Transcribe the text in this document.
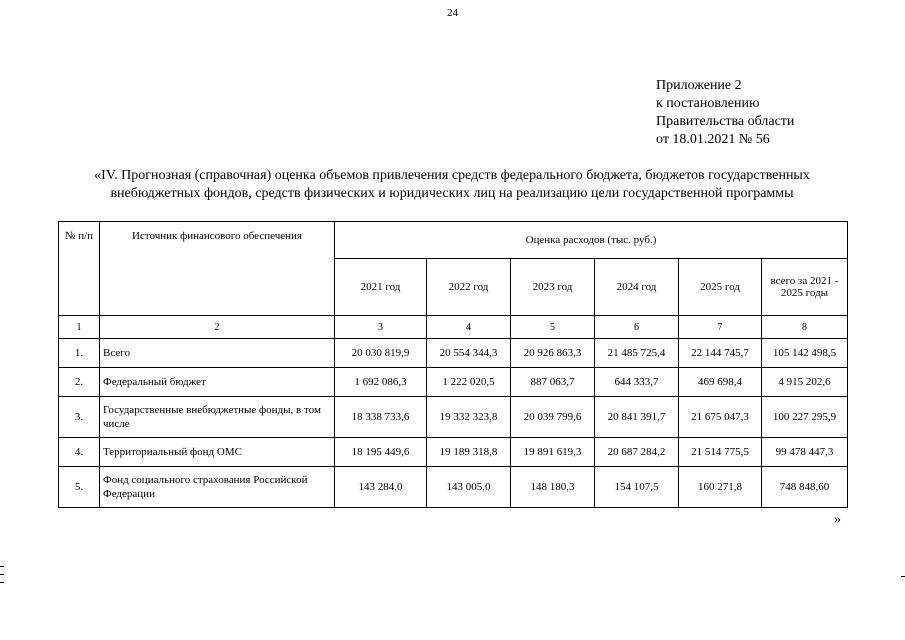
24
Приложение 2
к постановлению
Правительства области
от 18.01.2021 № 56
«IV. Прогнозная (справочная) оценка объемов привлечения средств федерального бюджета, бюджетов государственных
внебюджетных фондов, средств физических и юридических лиц на реализацию цели государственной программы
№ п/п	Источник финансового обеспечения	Оценка расходов (тыс. руб.)					
		2021 год	2022 год	2023 год	2024 год	2025 год	всего за 2021 - 2025 годы
1	2	3	4	5	6	7	8
1.	Всего	20 030 819,9	20 554 344,3	20 926 863,3	21 485 725,4	22 144 745,7	105 142 498,5
2.	Федеральный бюджет	1 692 086,3	1 222 020,5	887 063,7	644 333,7	469 698,4	4 915 202,6
3.	Государственные внебюджетные фонды, в том числе	18 338 733,6	19 332 323,8	20 039 799,6	20 841 391,7	21 675 047,3	100 227 295,9
4.	Территориальный фонд ОМС	18 195 449,6	19 189 318,8	19 891 619,3	20 687 284,2	21 514 775,5	99 478 447,3
5.	Фонд социального страхования Российской Федерации	143 284,0	143 005,0	148 180,3	154 107,5	160 271,8	748 848,60
»
